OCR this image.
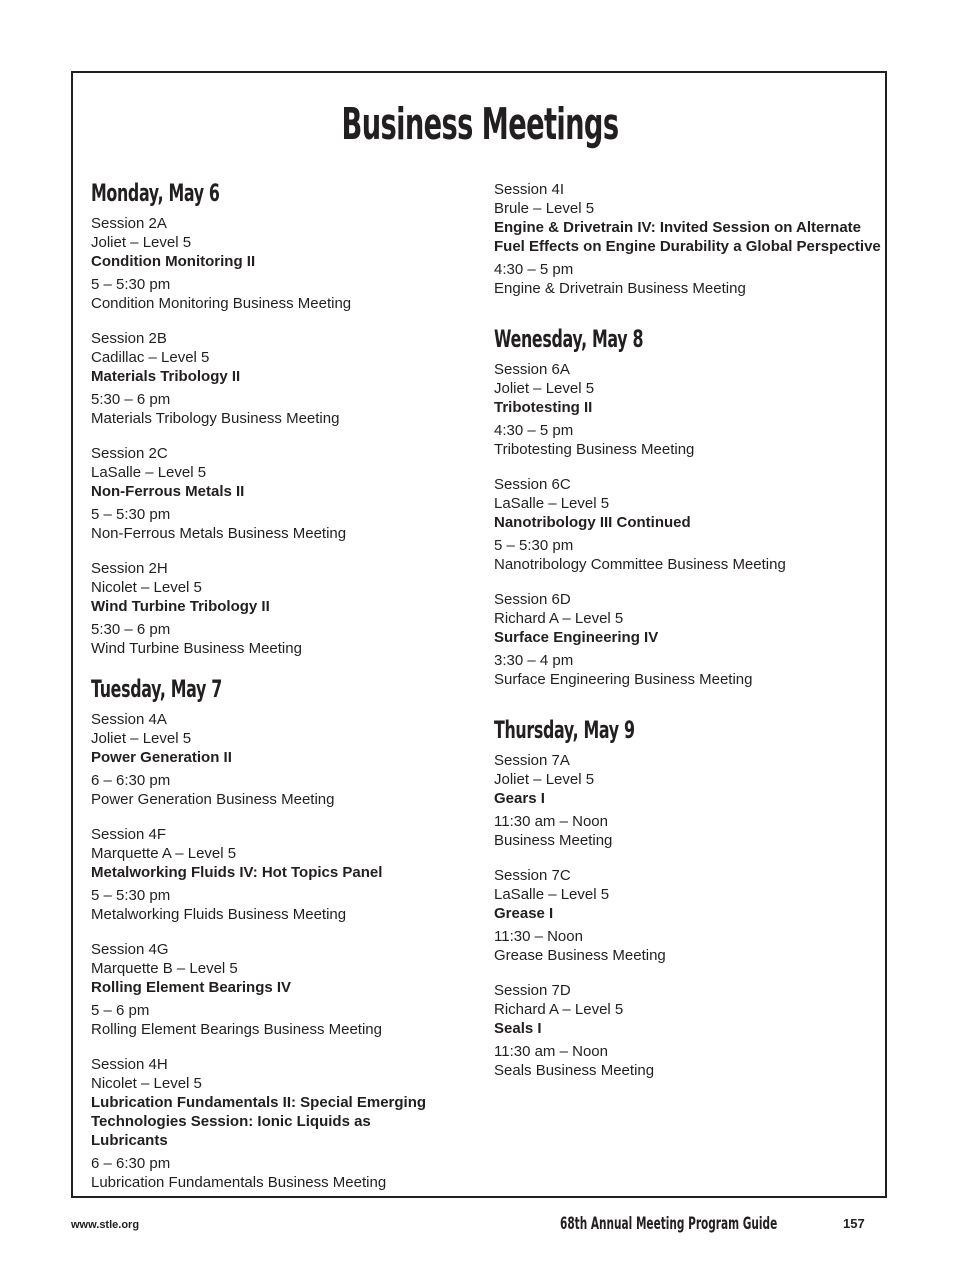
Business Meetings
Monday, May 6
Session 2A
Joliet – Level 5
Condition Monitoring II
5 – 5:30 pm
Condition Monitoring Business Meeting
Session 2B
Cadillac – Level 5
Materials Tribology II
5:30 – 6 pm
Materials Tribology Business Meeting
Session 2C
LaSalle – Level 5
Non-Ferrous Metals II
5 – 5:30 pm
Non-Ferrous Metals Business Meeting
Session 2H
Nicolet – Level 5
Wind Turbine Tribology II
5:30 – 6 pm
Wind Turbine Business Meeting
Tuesday, May 7
Session 4A
Joliet – Level 5
Power Generation II
6 – 6:30 pm
Power Generation Business Meeting
Session 4F
Marquette A – Level 5
Metalworking Fluids IV: Hot Topics Panel
5 – 5:30 pm
Metalworking Fluids Business Meeting
Session 4G
Marquette B – Level 5
Rolling Element Bearings IV
5 – 6 pm
Rolling Element Bearings Business Meeting
Session 4H
Nicolet – Level 5
Lubrication Fundamentals II: Special Emerging Technologies Session: Ionic Liquids as Lubricants
6 – 6:30 pm
Lubrication Fundamentals Business Meeting
Session 4I
Brule – Level 5
Engine & Drivetrain IV: Invited Session on Alternate Fuel Effects on Engine Durability a Global Perspective
4:30 – 5 pm
Engine & Drivetrain Business Meeting
Wenesday, May 8
Session 6A
Joliet – Level 5
Tribotesting II
4:30 – 5 pm
Tribotesting Business Meeting
Session 6C
LaSalle – Level 5
Nanotribology III Continued
5 – 5:30 pm
Nanotribology Committee Business Meeting
Session 6D
Richard A – Level 5
Surface Engineering IV
3:30 – 4 pm
Surface Engineering Business Meeting
Thursday, May 9
Session 7A
Joliet – Level 5
Gears I
11:30 am – Noon
Business Meeting
Session 7C
LaSalle – Level 5
Grease I
11:30 – Noon
Grease Business Meeting
Session 7D
Richard A – Level 5
Seals I
11:30 am – Noon
Seals Business Meeting
www.stle.org	68th Annual Meeting Program Guide	157
